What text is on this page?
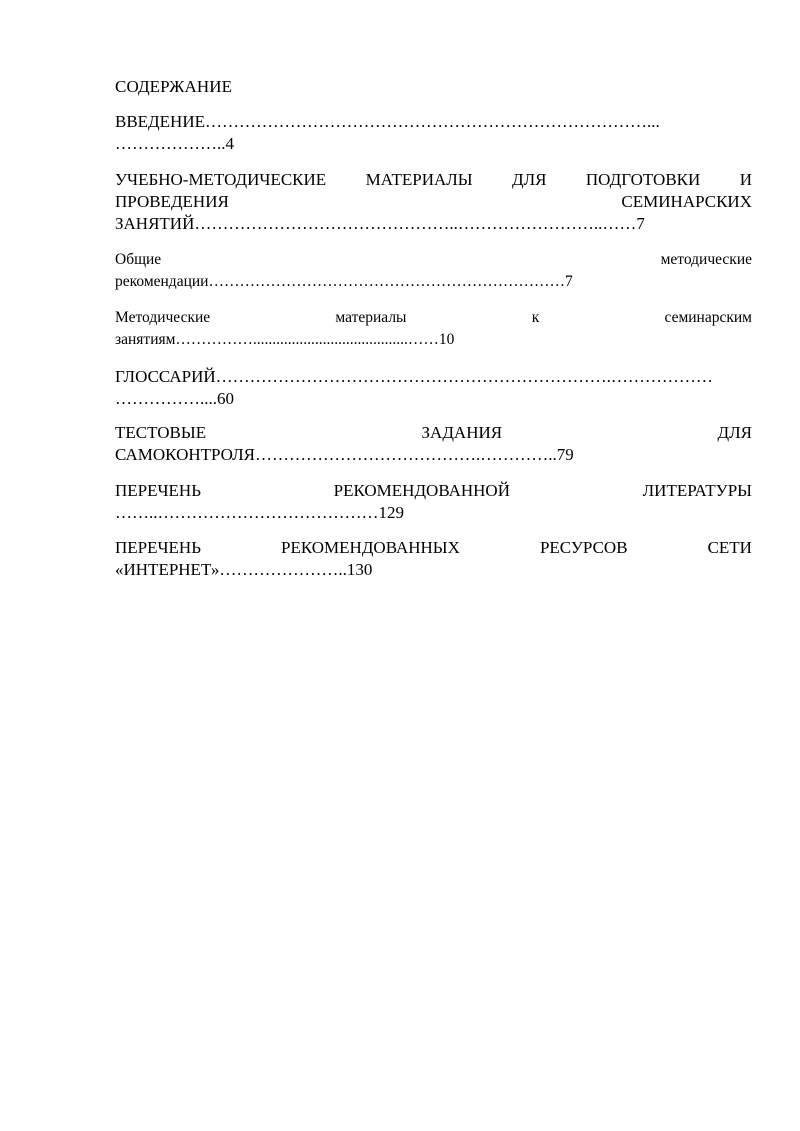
СОДЕРЖАНИЕ
ВВЕДЕНИЕ……………………………………………………………………...
………………..4
УЧЕБНО-МЕТОДИЧЕСКИЕ МАТЕРИАЛЫ ДЛЯ ПОДГОТОВКИ И
ПРОВЕДЕНИЯ	СЕМИНАРСКИХ
ЗАНЯТИЙ………………………………………..……………………..……7
Общие	методические
рекомендации……………………………………………………………7
Методические	материалы	к	семинарским
занятиям……………........................................……10
ГЛОССАРИЙ…………………………………………………………….………………
……………....60
ТЕСТОВЫЕ	ЗАДАНИЯ	ДЛЯ
САМОКОНТРОЛЯ………………………………….…………..79
ПЕРЕЧЕНЬ	РЕКОМЕНДОВАННОЙ	ЛИТЕРАТУРЫ
……..…………………………………129
ПЕРЕЧЕНЬ	РЕКОМЕНДОВАННЫХ	РЕСУРСОВ	СЕТИ
«ИНТЕРНЕТ»…………………..130
